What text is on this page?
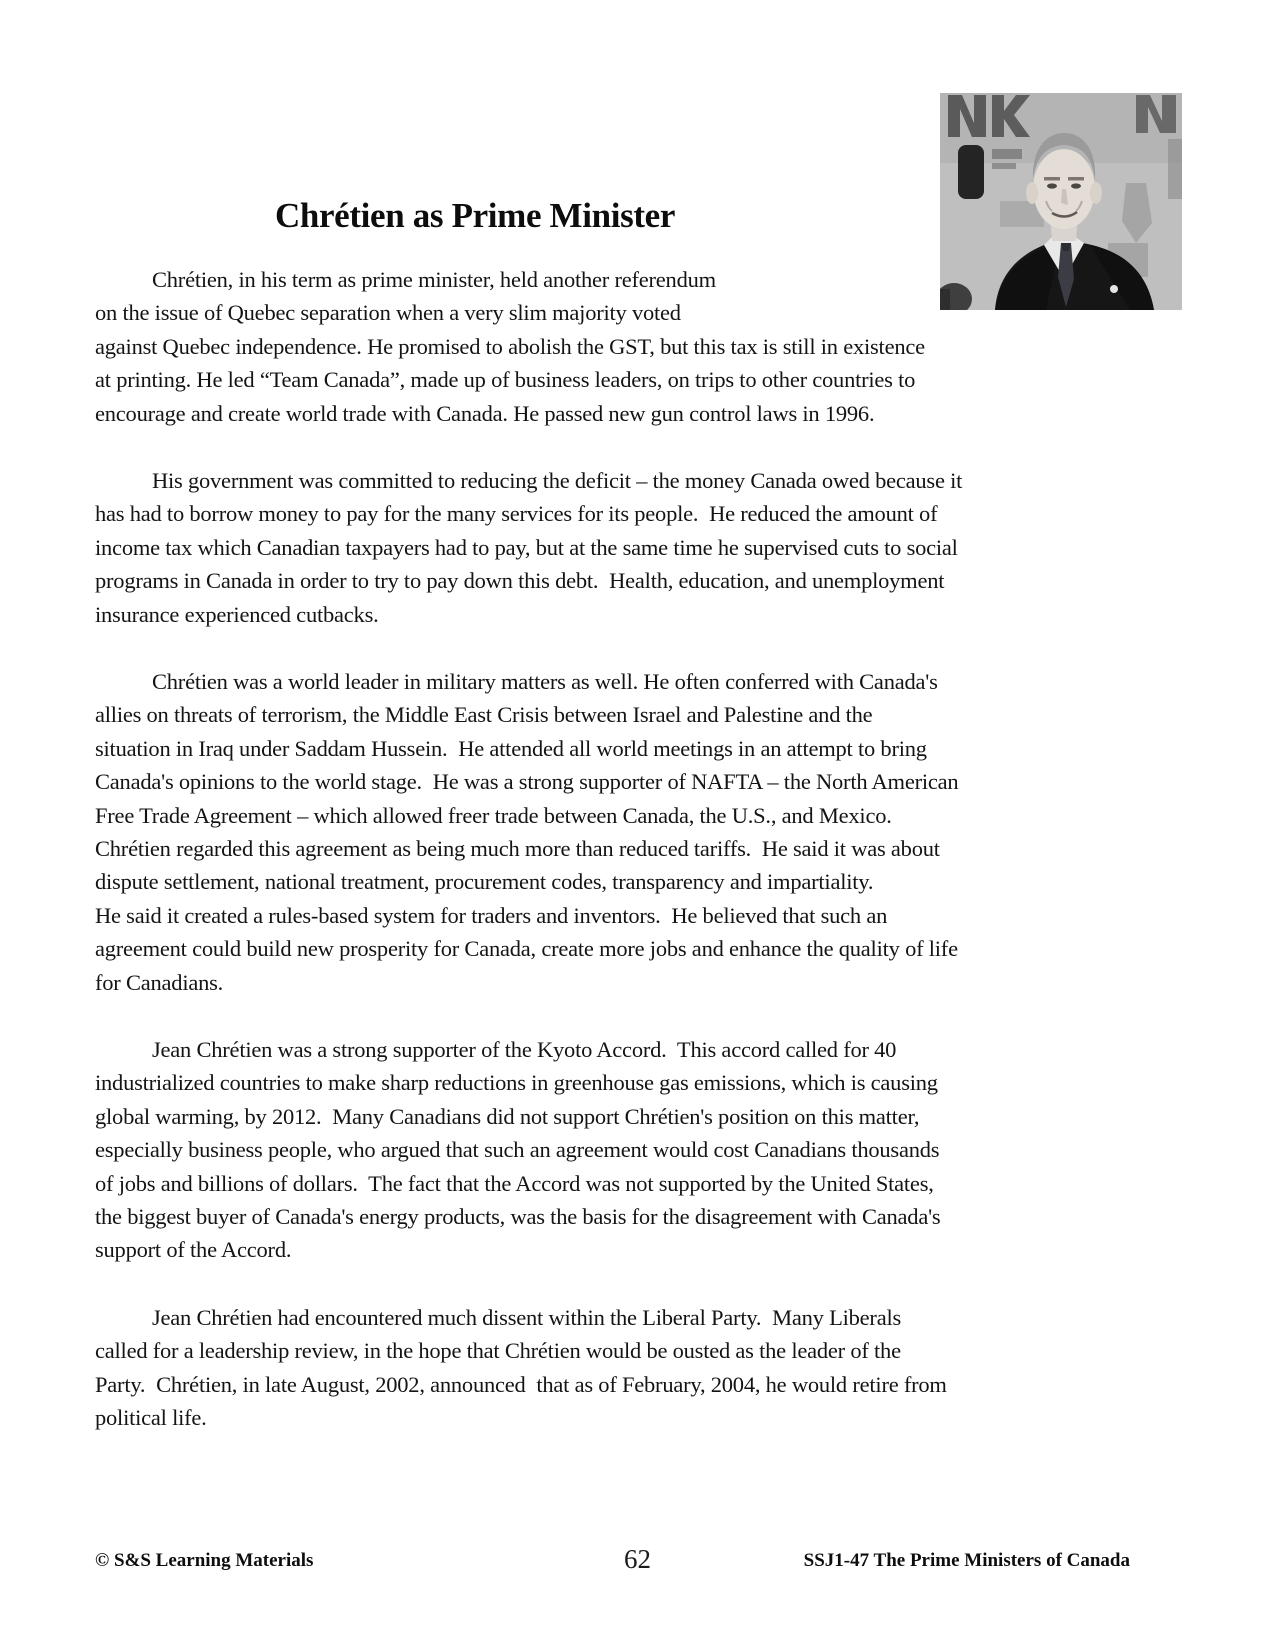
Chrétien as Prime Minister
Chrétien, in his term as prime minister, held another referendum
on the issue of Quebec separation when a very slim majority voted
against Quebec independence. He promised to abolish the GST, but this tax is still in existence
at printing. He led “Team Canada”, made up of business leaders, on trips to other countries to
encourage and create world trade with Canada. He passed new gun control laws in 1996.
His government was committed to reducing the deficit – the money Canada owed because it
has had to borrow money to pay for the many services for its people.  He reduced the amount of
income tax which Canadian taxpayers had to pay, but at the same time he supervised cuts to social
programs in Canada in order to try to pay down this debt.  Health, education, and unemployment
insurance experienced cutbacks.
Chrétien was a world leader in military matters as well. He often conferred with Canada's
allies on threats of terrorism, the Middle East Crisis between Israel and Palestine and the
situation in Iraq under Saddam Hussein.  He attended all world meetings in an attempt to bring
Canada's opinions to the world stage.  He was a strong supporter of NAFTA – the North American
Free Trade Agreement – which allowed freer trade between Canada, the U.S., and Mexico.
Chrétien regarded this agreement as being much more than reduced tariffs.  He said it was about
dispute settlement, national treatment, procurement codes, transparency and impartiality.
He said it created a rules-based system for traders and inventors.  He believed that such an
agreement could build new prosperity for Canada, create more jobs and enhance the quality of life
for Canadians.
Jean Chrétien was a strong supporter of the Kyoto Accord.  This accord called for 40
industrialized countries to make sharp reductions in greenhouse gas emissions, which is causing
global warming, by 2012.  Many Canadians did not support Chrétien's position on this matter,
especially business people, who argued that such an agreement would cost Canadians thousands
of jobs and billions of dollars.  The fact that the Accord was not supported by the United States,
the biggest buyer of Canada's energy products, was the basis for the disagreement with Canada's
support of the Accord.
Jean Chrétien had encountered much dissent within the Liberal Party.  Many Liberals
called for a leadership review, in the hope that Chrétien would be ousted as the leader of the
Party.  Chrétien, in late August, 2002, announced  that as of February, 2004, he would retire from
political life.
© S&S Learning Materials	62	SSJ1-47 The Prime Ministers of Canada
